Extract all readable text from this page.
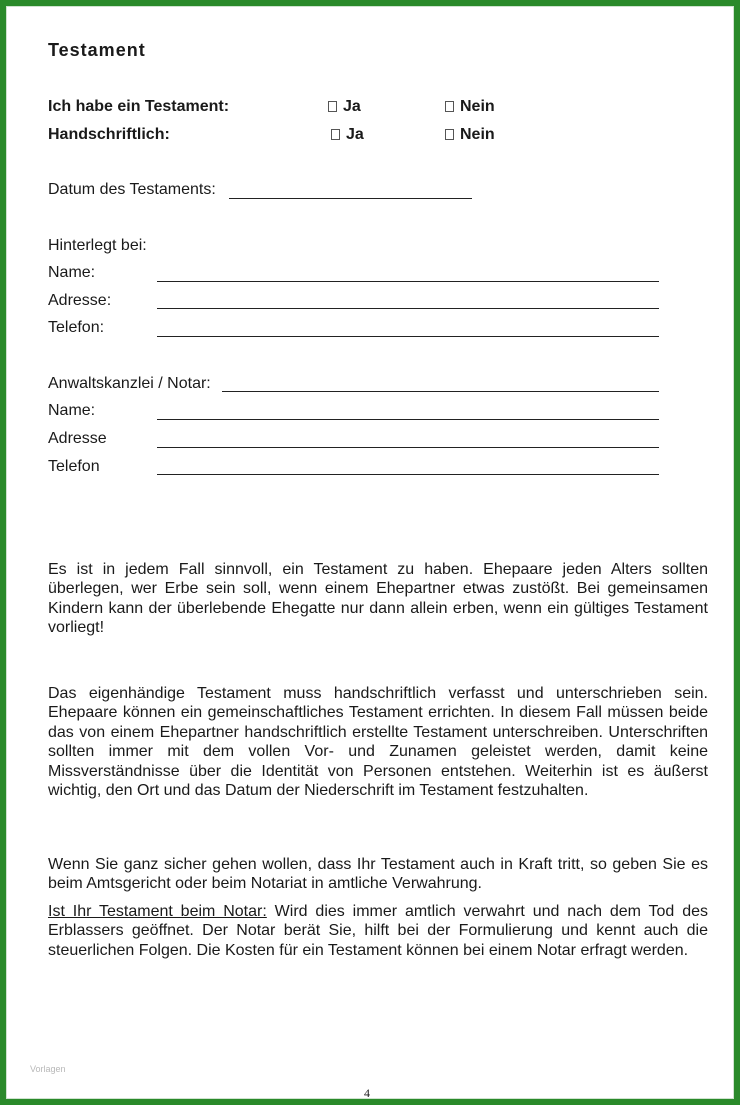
Testament
Ich habe ein Testament:	Ja	Nein
Handschriftlich:	Ja	Nein
Datum des Testaments:
Hinterlegt bei:
Name:
Adresse:
Telefon:
Anwaltskanzlei / Notar:
Name:
Adresse
Telefon
Es ist in jedem Fall sinnvoll, ein Testament zu haben. Ehepaare jeden Alters sollten überlegen, wer Erbe sein soll, wenn einem Ehepartner etwas zustößt. Bei gemeinsamen Kindern kann der überlebende Ehegatte nur dann allein erben, wenn ein gültiges Testament vorliegt!
Das eigenhändige Testament muss handschriftlich verfasst und unterschrieben sein. Ehepaare können ein gemeinschaftliches Testament errichten. In diesem Fall müssen beide das von einem Ehepartner handschriftlich erstellte Testament unterschreiben. Unterschriften sollten immer mit dem vollen Vor- und Zunamen geleistet werden, damit keine Missverständnisse über die Identität von Personen entstehen. Weiterhin ist es äußerst wichtig, den Ort und das Datum der Niederschrift im Testament festzuhalten.
Wenn Sie ganz sicher gehen wollen, dass Ihr Testament auch in Kraft tritt, so geben Sie es beim Amtsgericht oder beim Notariat in amtliche Verwahrung.
Ist Ihr Testament beim Notar: Wird dies immer amtlich verwahrt und nach dem Tod des Erblassers geöffnet. Der Notar berät Sie, hilft bei der Formulierung und kennt auch die steuerlichen Folgen. Die Kosten für ein Testament können bei einem Notar erfragt werden.
Vorlagen
4
